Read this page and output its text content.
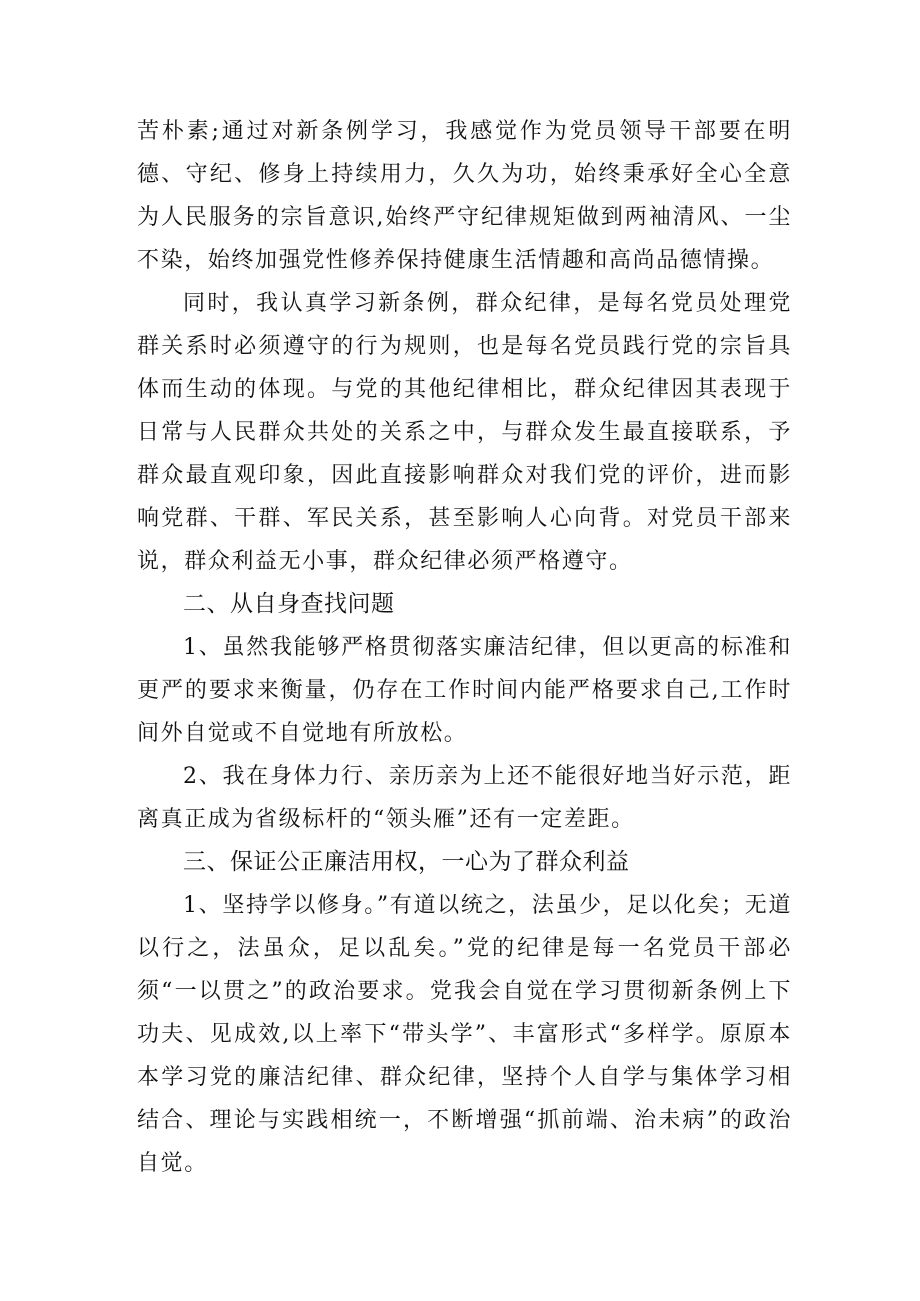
苦朴素;通过对新条例学习，我感觉作为党员领导干部要在明德、守纪、修身上持续用力，久久为功，始终秉承好全心全意为人民服务的宗旨意识,始终严守纪律规矩做到两袖清风、一尘不染，始终加强党性修养保持健康生活情趣和高尚品德情操。

同时，我认真学习新条例，群众纪律，是每名党员处理党群关系时必须遵守的行为规则，也是每名党员践行党的宗旨具体而生动的体现。与党的其他纪律相比，群众纪律因其表现于日常与人民群众共处的关系之中，与群众发生最直接联系，予群众最直观印象，因此直接影响群众对我们党的评价，进而影响党群、干群、军民关系，甚至影响人心向背。对党员干部来说，群众利益无小事，群众纪律必须严格遵守。

二、从自身查找问题

1、虽然我能够严格贯彻落实廉洁纪律，但以更高的标准和更严的要求来衡量，仍存在工作时间内能严格要求自己,工作时间外自觉或不自觉地有所放松。

2、我在身体力行、亲历亲为上还不能很好地当好示范，距离真正成为省级标杆的“领头雁”还有一定差距。

三、保证公正廉洁用权，一心为了群众利益

1、坚持学以修身。”有道以统之，法虽少，足以化矣；无道以行之，法虽众，足以乱矣。”党的纪律是每一名党员干部必须“一以贯之”的政治要求。党我会自觉在学习贯彻新条例上下功夫、见成效,以上率下“带头学”、丰富形式“多样学。原原本本学习党的廉洁纪律、群众纪律，坚持个人自学与集体学习相结合、理论与实践相统一，不断增强“抓前端、治未病”的政治自觉。
